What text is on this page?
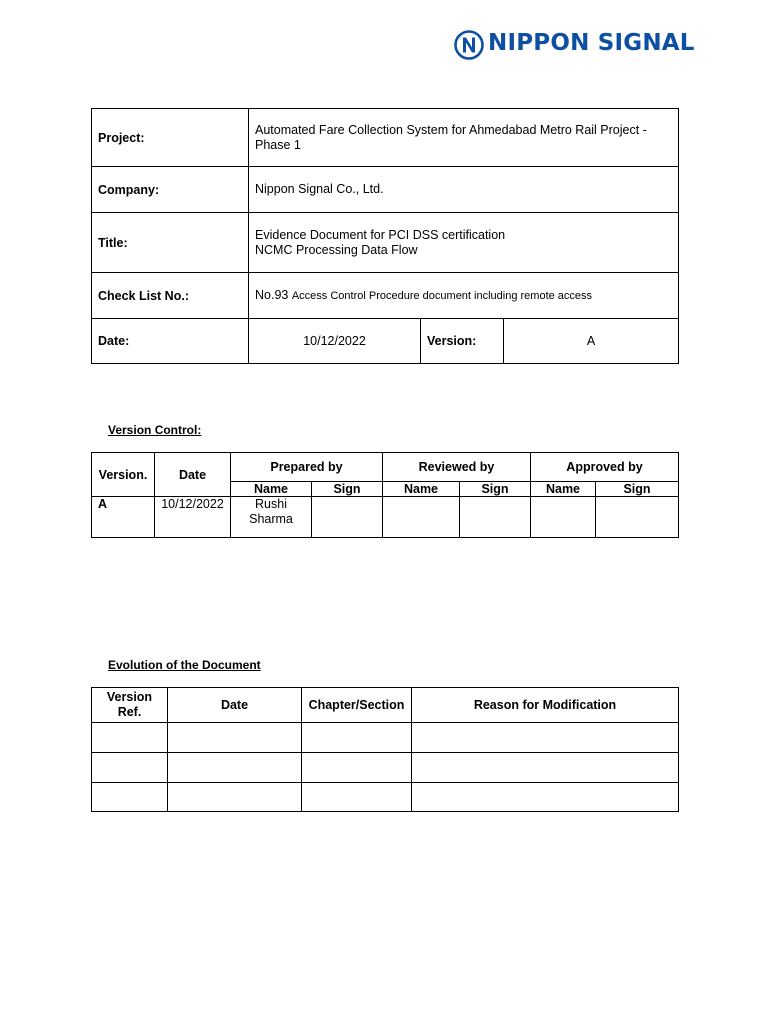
NIPPON SIGNAL
Project:	Automated Fare Collection System for Ahmedabad Metro Rail Project -
Phase 1		

Company:	Nippon Signal Co., Ltd.		
Title:	Evidence Document for PCI DSS certification
NCMC Processing Data Flow		

Check List No.:	No.93 Access Control Procedure document including remote access		
Date:	10/12/2022	Version:	A
Version Control:
Version.	Date	Prepared by		Reviewed by		Approved by	
		Name	Sign	Name	Sign	Name	Sign
A	10/12/2022	Rushi
Sharma					

Evolution of the Document
Version
Ref.	Date	Chapter/Section	Reason for Modification
